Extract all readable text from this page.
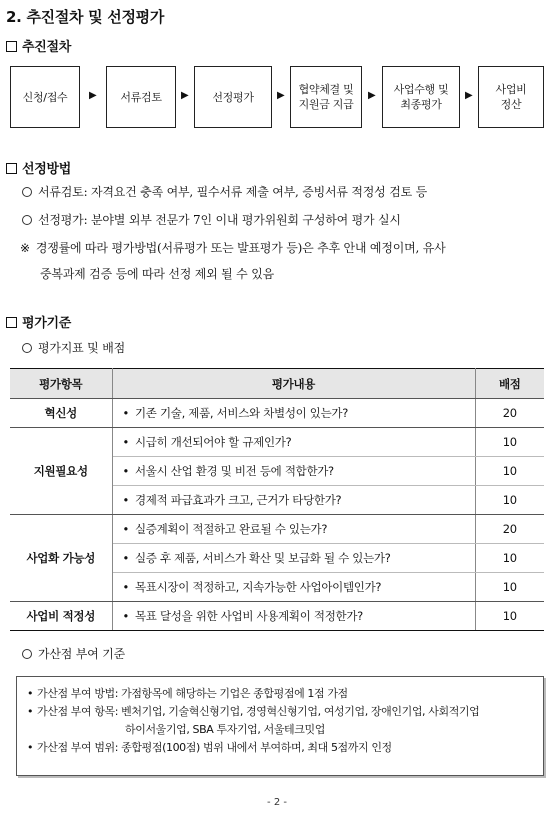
2. 추진절차 및 선정평가
추진절차
신청/접수 ▶ 서류검토 ▶ 선정평가 ▶ 협약체결 및
지원금 지급
▶ 사업수행 및
최종평가
▶ 사업비
정산
선정방법
서류검토: 자격요건 충족 여부, 필수서류 제출 여부, 증빙서류 적정성 검토 등
선정평가: 분야별 외부 전문가 7인 이내 평가위원회 구성하여 평가 실시
※ 경쟁률에 따라 평가방법(서류평가 또는 발표평가 등)은 추후 안내 예정이며, 유사
중복과제 검증 등에 따라 선정 제외 될 수 있음
평가기준
평가지표 및 배점
평가항목	평가내용	배점
혁신성	• 기존 기술, 제품, 서비스와 차별성이 있는가?	20
지원필요성	• 시급히 개선되어야 할 규제인가?	10
	• 서울시 산업 환경 및 비전 등에 적합한가?	10
	• 경제적 파급효과가 크고, 근거가 타당한가?	10
사업화 가능성	• 실증계획이 적절하고 완료될 수 있는가?	20
	• 실증 후 제품, 서비스가 확산 및 보급화 될 수 있는가?	10
	• 목표시장이 적정하고, 지속가능한 사업아이템인가?	10
사업비 적정성	• 목표 달성을 위한 사업비 사용계획이 적정한가?	10
가산점 부여 기준
• 가산점 부여 방법: 가점항목에 해당하는 기업은 종합평점에 1점 가점
• 가산점 부여 항목: 벤처기업, 기술혁신형기업, 경영혁신형기업, 여성기업, 장애인기업, 사회적기업
하이서울기업, SBA 투자기업, 서울테크밋업
• 가산점 부여 범위: 종합평점(100점) 범위 내에서 부여하며, 최대 5점까지 인정
- 2 -
